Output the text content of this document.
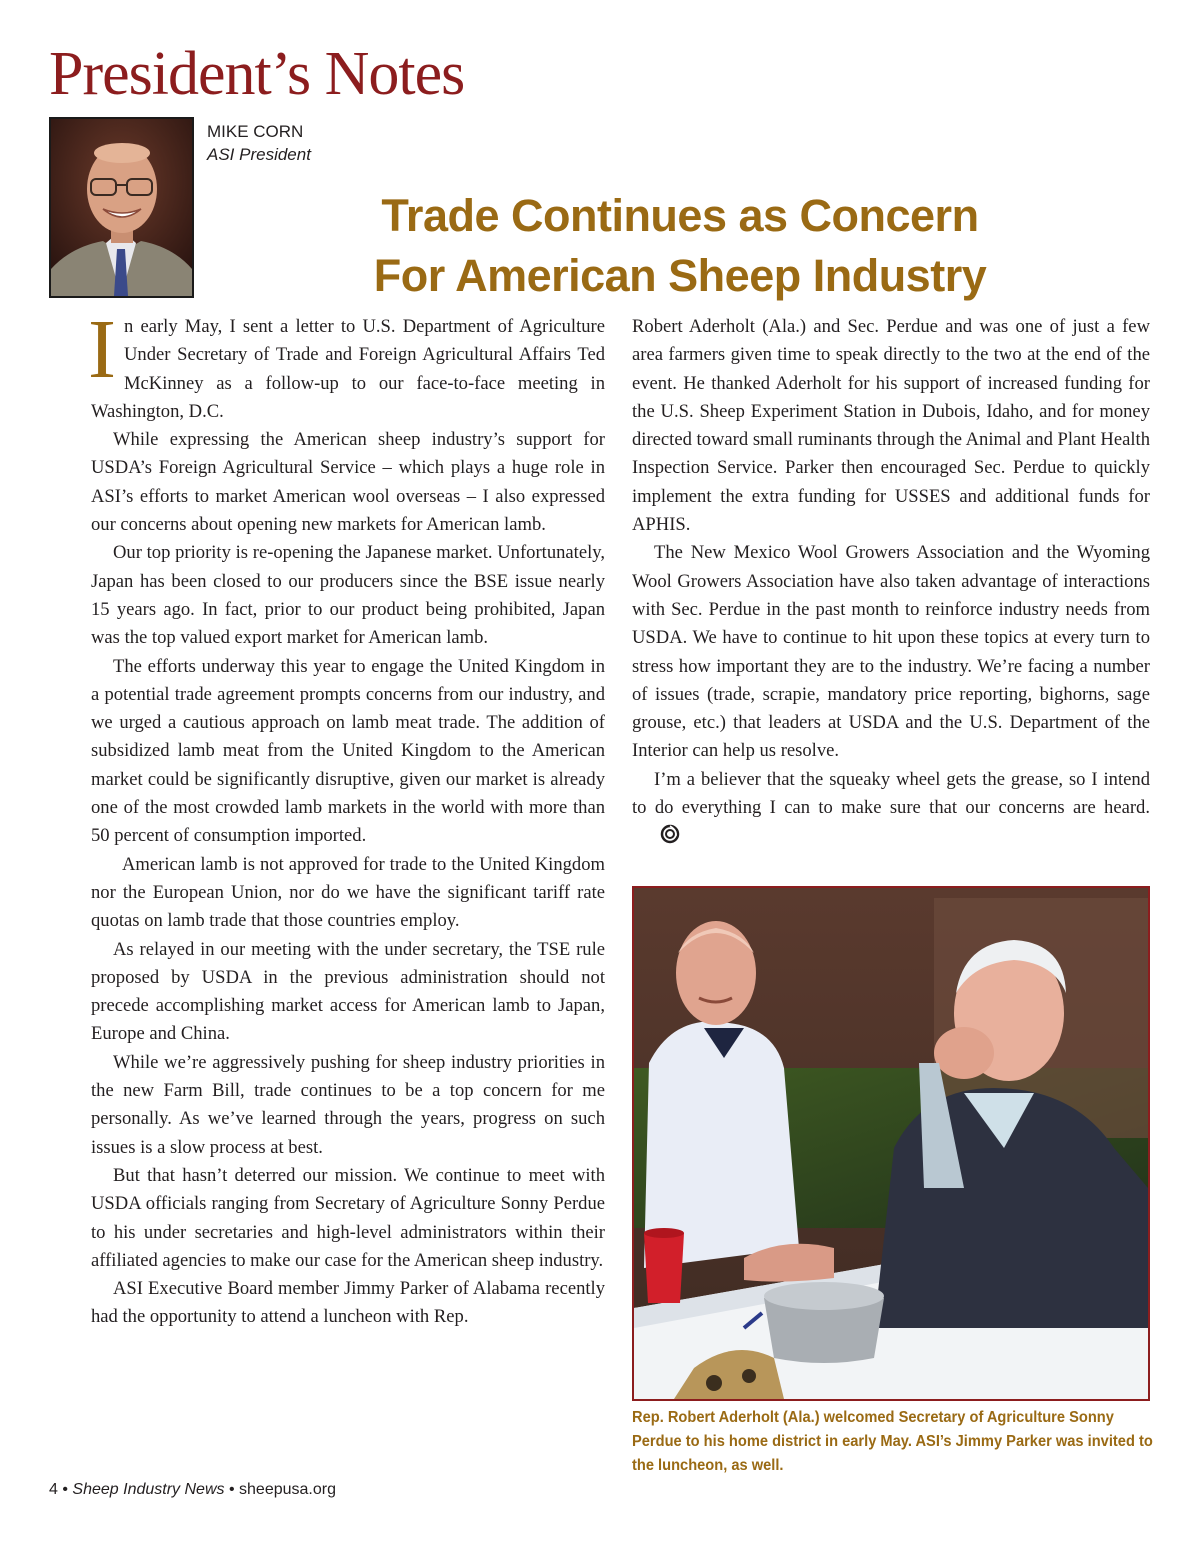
President’s Notes
MIKE CORN
ASI President
Trade Continues as Concern
For American Sheep Industry

In early May, I sent a letter to U.S. Department of Agriculture Under Secretary of Trade and Foreign Agricultural Affairs Ted McKinney as a follow-up to our face-to-face meeting in Washington, D.C.

While expressing the American sheep industry’s support for USDA’s Foreign Agricultural Service – which plays a huge role in ASI’s efforts to market American wool overseas – I also expressed our concerns about opening new markets for American lamb.

Our top priority is re-opening the Japanese market. Unfortunately, Japan has been closed to our producers since the BSE issue nearly 15 years ago. In fact, prior to our product being prohibited, Japan was the top valued export market for American lamb.

The efforts underway this year to engage the United Kingdom in a potential trade agreement prompts concerns from our industry, and we urged a cautious approach on lamb meat trade. The addition of subsidized lamb meat from the United Kingdom to the American market could be significantly disruptive, given our market is already one of the most crowded lamb markets in the world with more than 50 percent of consumption imported.

American lamb is not approved for trade to the United Kingdom nor the European Union, nor do we have the significant tariff rate quotas on lamb trade that those countries employ.

As relayed in our meeting with the under secretary, the TSE rule proposed by USDA in the previous administration should not precede accomplishing market access for American lamb to Japan, Europe and China.

While we’re aggressively pushing for sheep industry priorities in the new Farm Bill, trade continues to be a top concern for me personally. As we’ve learned through the years, progress on such issues is a slow process at best.

But that hasn’t deterred our mission. We continue to meet with USDA officials ranging from Secretary of Agriculture Sonny Perdue to his under secretaries and high-level administrators within their affiliated agencies to make our case for the American sheep industry.

ASI Executive Board member Jimmy Parker of Alabama recently had the opportunity to attend a luncheon with Rep.

Robert Aderholt (Ala.) and Sec. Perdue and was one of just a few area farmers given time to speak directly to the two at the end of the event. He thanked Aderholt for his support of increased funding for the U.S. Sheep Experiment Station in Dubois, Idaho, and for money directed toward small ruminants through the Animal and Plant Health Inspection Service. Parker then encouraged Sec. Perdue to quickly implement the extra funding for USSES and additional funds for APHIS.

The New Mexico Wool Growers Association and the Wyoming Wool Growers Association have also taken advantage of interactions with Sec. Perdue in the past month to reinforce industry needs from USDA. We have to continue to hit upon these topics at every turn to stress how important they are to the industry. We’re facing a number of issues (trade, scrapie, mandatory price reporting, bighorns, sage grouse, etc.) that leaders at USDA and the U.S. Department of the Interior can help us resolve.

I’m a believer that the squeaky wheel gets the grease, so I intend to do everything I can to make sure that our concerns are heard.

Rep. Robert Aderholt (Ala.) welcomed Secretary of Agriculture Sonny
Perdue to his home district in early May. ASI’s Jimmy Parker was invited to
the luncheon, as well.
4 • Sheep Industry News • sheepusa.org
